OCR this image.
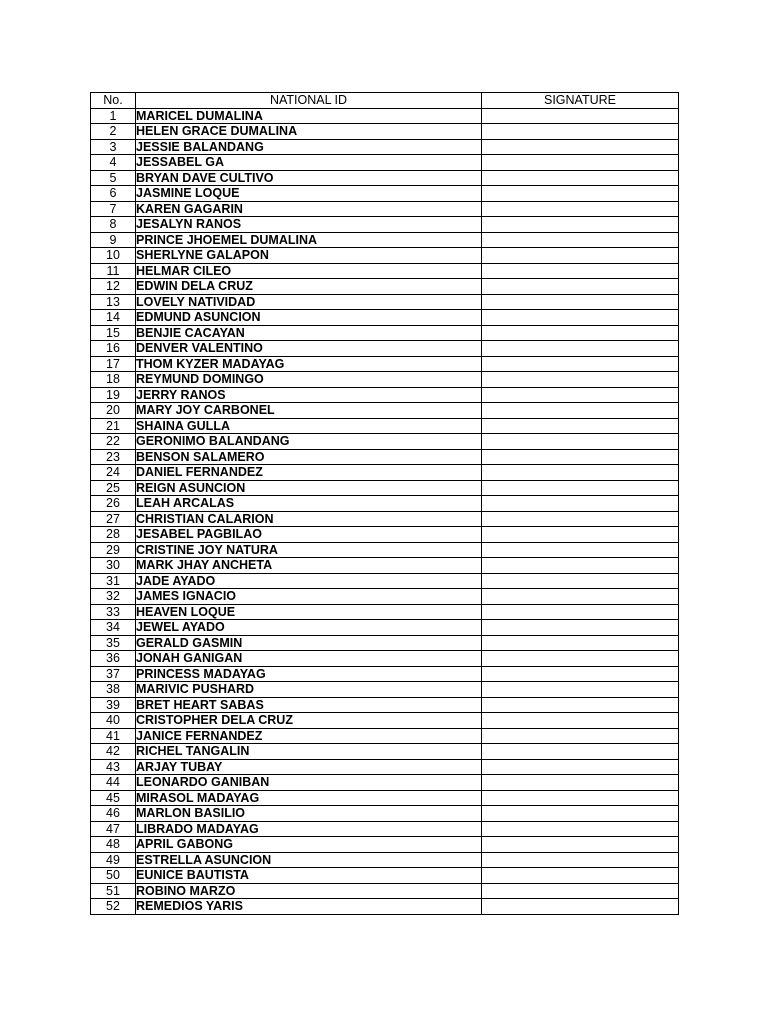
No.	NATIONAL ID	SIGNATURE
1	MARICEL DUMALINA	
2	HELEN GRACE DUMALINA	
3	JESSIE BALANDANG	
4	JESSABEL GA	
5	BRYAN DAVE CULTIVO	
6	JASMINE LOQUE	
7	KAREN GAGARIN	
8	JESALYN RANOS	
9	PRINCE JHOEMEL DUMALINA	
10	SHERLYNE GALAPON	
11	HELMAR CILEO	
12	EDWIN DELA CRUZ	
13	LOVELY NATIVIDAD	
14	EDMUND ASUNCION	
15	BENJIE CACAYAN	
16	DENVER VALENTINO	
17	THOM KYZER MADAYAG	
18	REYMUND DOMINGO	
19	JERRY RANOS	
20	MARY JOY CARBONEL	
21	SHAINA GULLA	
22	GERONIMO BALANDANG	
23	BENSON SALAMERO	
24	DANIEL FERNANDEZ	
25	REIGN ASUNCION	
26	LEAH ARCALAS	
27	CHRISTIAN CALARION	
28	JESABEL PAGBILAO	
29	CRISTINE JOY NATURA	
30	MARK JHAY ANCHETA	
31	JADE AYADO	
32	JAMES IGNACIO	
33	HEAVEN LOQUE	
34	JEWEL AYADO	
35	GERALD GASMIN	
36	JONAH GANIGAN	
37	PRINCESS MADAYAG	
38	MARIVIC PUSHARD	
39	BRET HEART SABAS	
40	CRISTOPHER DELA CRUZ	
41	JANICE FERNANDEZ	
42	RICHEL TANGALIN	
43	ARJAY TUBAY	
44	LEONARDO GANIBAN	
45	MIRASOL MADAYAG	
46	MARLON BASILIO	
47	LIBRADO MADAYAG	
48	APRIL GABONG	
49	ESTRELLA ASUNCION	
50	EUNICE BAUTISTA	
51	ROBINO MARZO	
52	REMEDIOS YARIS	
